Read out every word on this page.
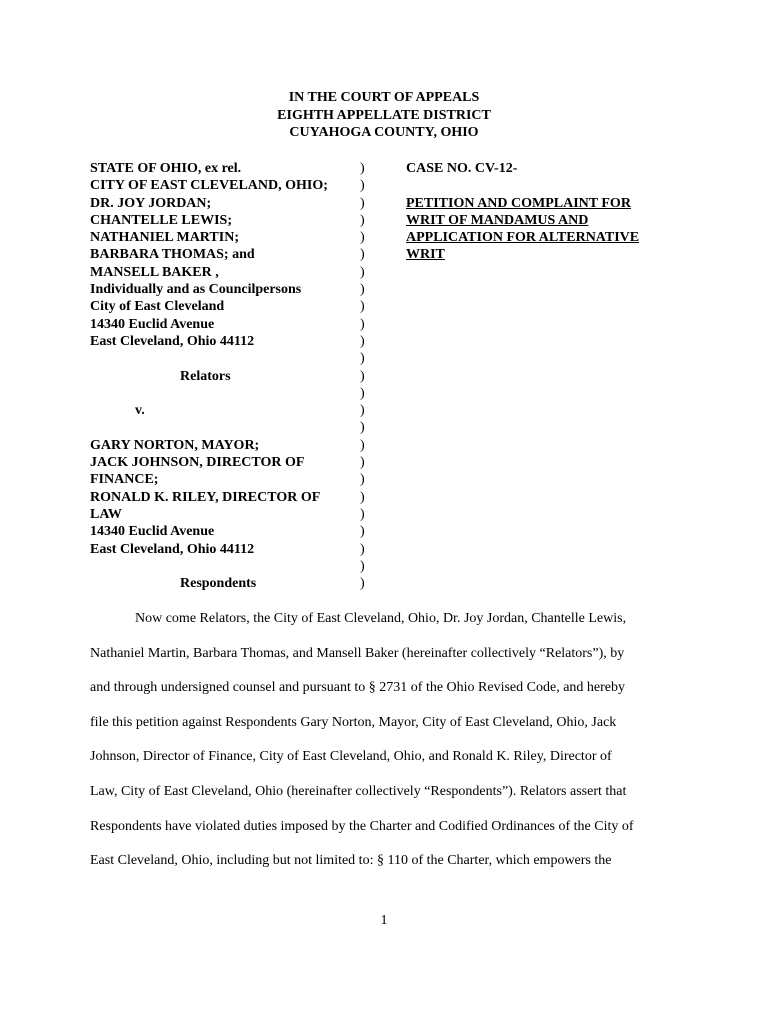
IN THE COURT OF APPEALS
EIGHTH APPELLATE DISTRICT
CUYAHOGA COUNTY, OHIO
STATE OF OHIO, ex rel.
CITY OF EAST CLEVELAND, OHIO;
DR. JOY JORDAN;
CHANTELLE LEWIS;
NATHANIEL MARTIN;
BARBARA THOMAS; and
MANSELL BAKER ,
Individually and as Councilpersons
City of East Cleveland
14340 Euclid Avenue
East Cleveland, Ohio 44112
Relators
v.
GARY NORTON, MAYOR;
JACK JOHNSON, DIRECTOR OF
FINANCE;
RONALD K. RILEY, DIRECTOR OF
LAW
14340 Euclid Avenue
East Cleveland, Ohio 44112
Respondents
)
)
)
)
)
)
)
)
)
)
)
)
)
)
)
)
)
)
)
)
)
)
)
)
)
CASE NO. CV-12-
PETITION AND COMPLAINT FOR
WRIT OF MANDAMUS AND
APPLICATION FOR ALTERNATIVE
WRIT
Now come Relators, the City of East Cleveland, Ohio, Dr. Joy Jordan, Chantelle Lewis,
Nathaniel Martin, Barbara Thomas, and Mansell Baker (hereinafter collectively “Relators”), by
and through undersigned counsel and pursuant to § 2731 of the Ohio Revised Code, and hereby
file this petition against Respondents Gary Norton, Mayor, City of East Cleveland, Ohio, Jack
Johnson, Director of Finance, City of East Cleveland, Ohio, and Ronald K. Riley, Director of
Law, City of East Cleveland, Ohio (hereinafter collectively “Respondents”). Relators assert that
Respondents have violated duties imposed by the Charter and Codified Ordinances of the City of
East Cleveland, Ohio, including but not limited to: § 110 of the Charter, which empowers the
1
